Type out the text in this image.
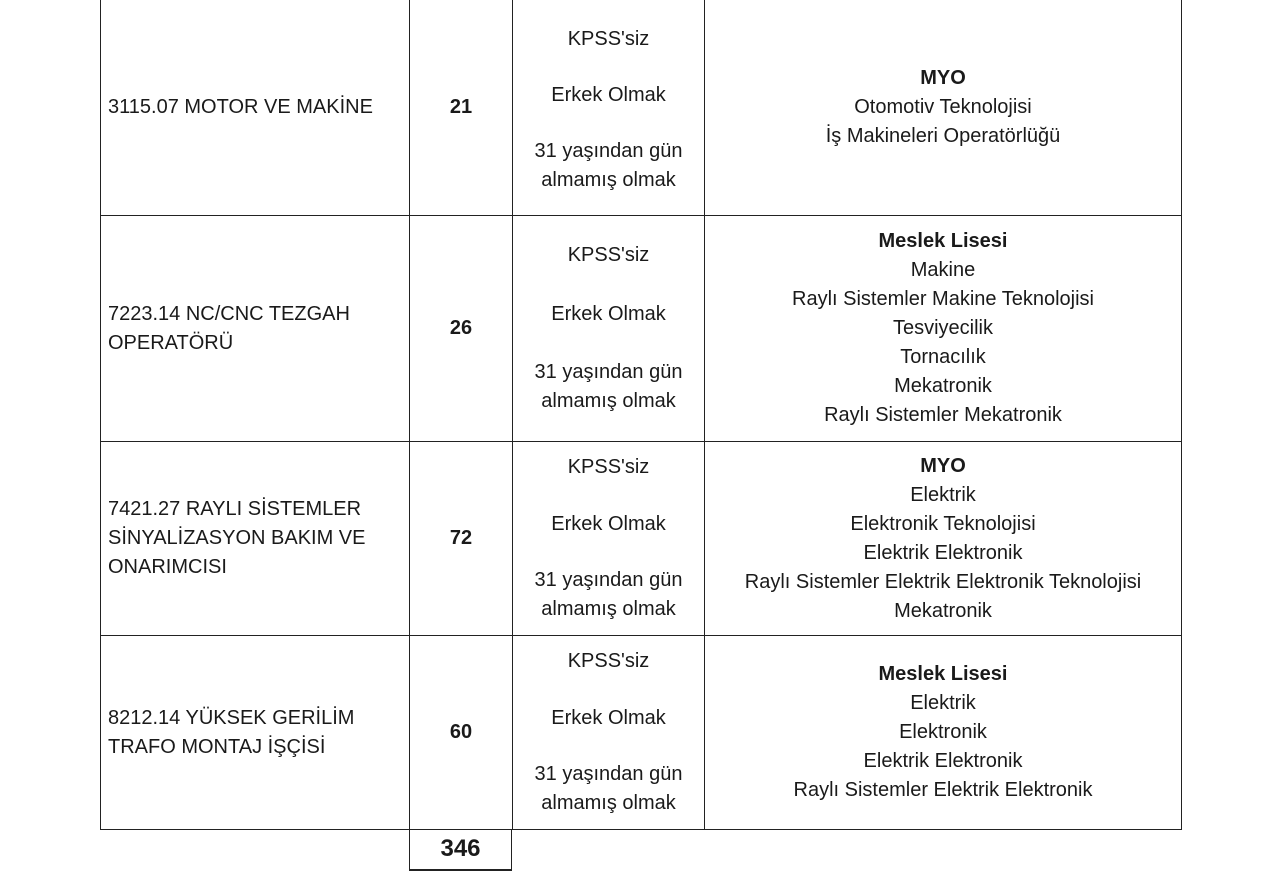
3115.07 MOTOR VE MAKİNE	21
KPSS'siz
Erkek Olmak
31 yaşından gün
almamış olmak
MYO
Otomotiv Teknolojisi
İş Makineleri Operatörlüğü
7223.14 NC/CNC TEZGAH
OPERATÖRÜ
26
KPSS'siz
Erkek Olmak
31 yaşından gün
almamış olmak
Meslek Lisesi
Makine
Raylı Sistemler Makine Teknolojisi
Tesviyecilik
Tornacılık
Mekatronik
Raylı Sistemler Mekatronik
7421.27 RAYLI SİSTEMLER
SİNYALİZASYON BAKIM VE
ONARIMCISI
72
KPSS'siz
Erkek Olmak
31 yaşından gün
almamış olmak
MYO
Elektrik
Elektronik Teknolojisi
Elektrik Elektronik
Raylı Sistemler Elektrik Elektronik Teknolojisi
Mekatronik
8212.14 YÜKSEK GERİLİM
TRAFO MONTAJ İŞÇİSİ
60
KPSS'siz
Erkek Olmak
31 yaşından gün
almamış olmak
Meslek Lisesi
Elektrik
Elektronik
Elektrik Elektronik
Raylı Sistemler Elektrik Elektronik
346
